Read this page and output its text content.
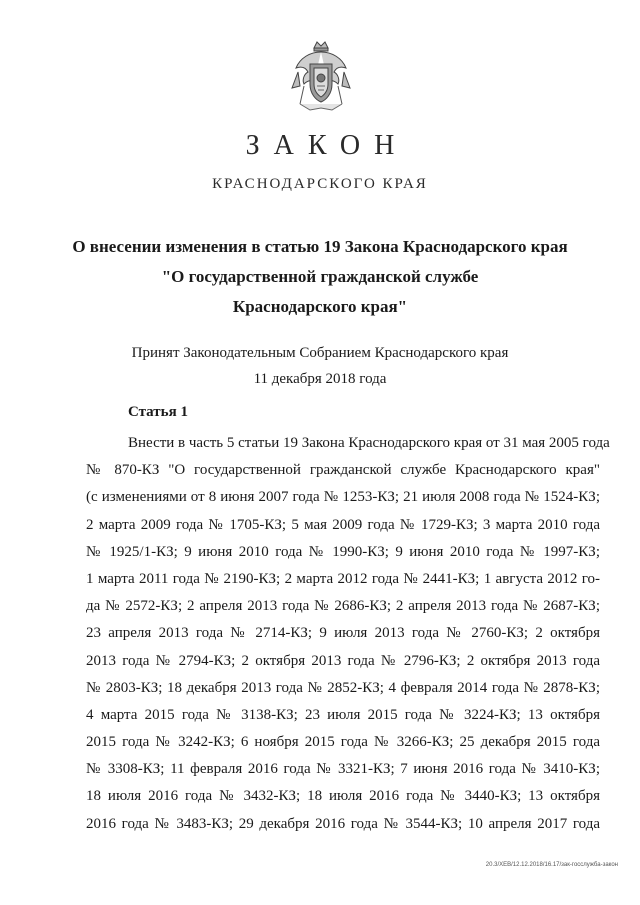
ЗАКОН
КРАСНОДАРСКОГО КРАЯ
О внесении изменения в статью 19 Закона Краснодарского края
"О государственной гражданской службе
Краснодарского края"
Принят Законодательным Собранием Краснодарского края
11 декабря 2018 года
Статья 1
Внести в часть 5 статьи 19 Закона Краснодарского края от 31 мая 2005 года
№ 870-КЗ "О государственной гражданской службе Краснодарского края"
(с изменениями от 8 июня 2007 года № 1253-КЗ; 21 июля 2008 года № 1524-КЗ;
2 марта 2009 года № 1705-КЗ; 5 мая 2009 года № 1729-КЗ; 3 марта 2010 года
№ 1925/1-КЗ; 9 июня 2010 года № 1990-КЗ; 9 июня 2010 года № 1997-КЗ;
1 марта 2011 года № 2190-КЗ; 2 марта 2012 года № 2441-КЗ; 1 августа 2012 го-
да № 2572-КЗ; 2 апреля 2013 года № 2686-КЗ; 2 апреля 2013 года № 2687-КЗ;
23 апреля 2013 года № 2714-КЗ; 9 июля 2013 года № 2760-КЗ; 2 октября
2013 года № 2794-КЗ; 2 октября 2013 года № 2796-КЗ; 2 октября 2013 года
№ 2803-КЗ; 18 декабря 2013 года № 2852-КЗ; 4 февраля 2014 года № 2878-КЗ;
4 марта 2015 года № 3138-КЗ; 23 июля 2015 года № 3224-КЗ; 13 октября
2015 года № 3242-КЗ; 6 ноября 2015 года № 3266-КЗ; 25 декабря 2015 года
№ 3308-КЗ; 11 февраля 2016 года № 3321-КЗ; 7 июня 2016 года № 3410-КЗ;
18 июля 2016 года № 3432-КЗ; 18 июля 2016 года № 3440-КЗ; 13 октября
2016 года № 3483-КЗ; 29 декабря 2016 года № 3544-КЗ; 10 апреля 2017 года
20.3/ХЕВ/12.12.2018/16.17/зак-госслужба-закон
